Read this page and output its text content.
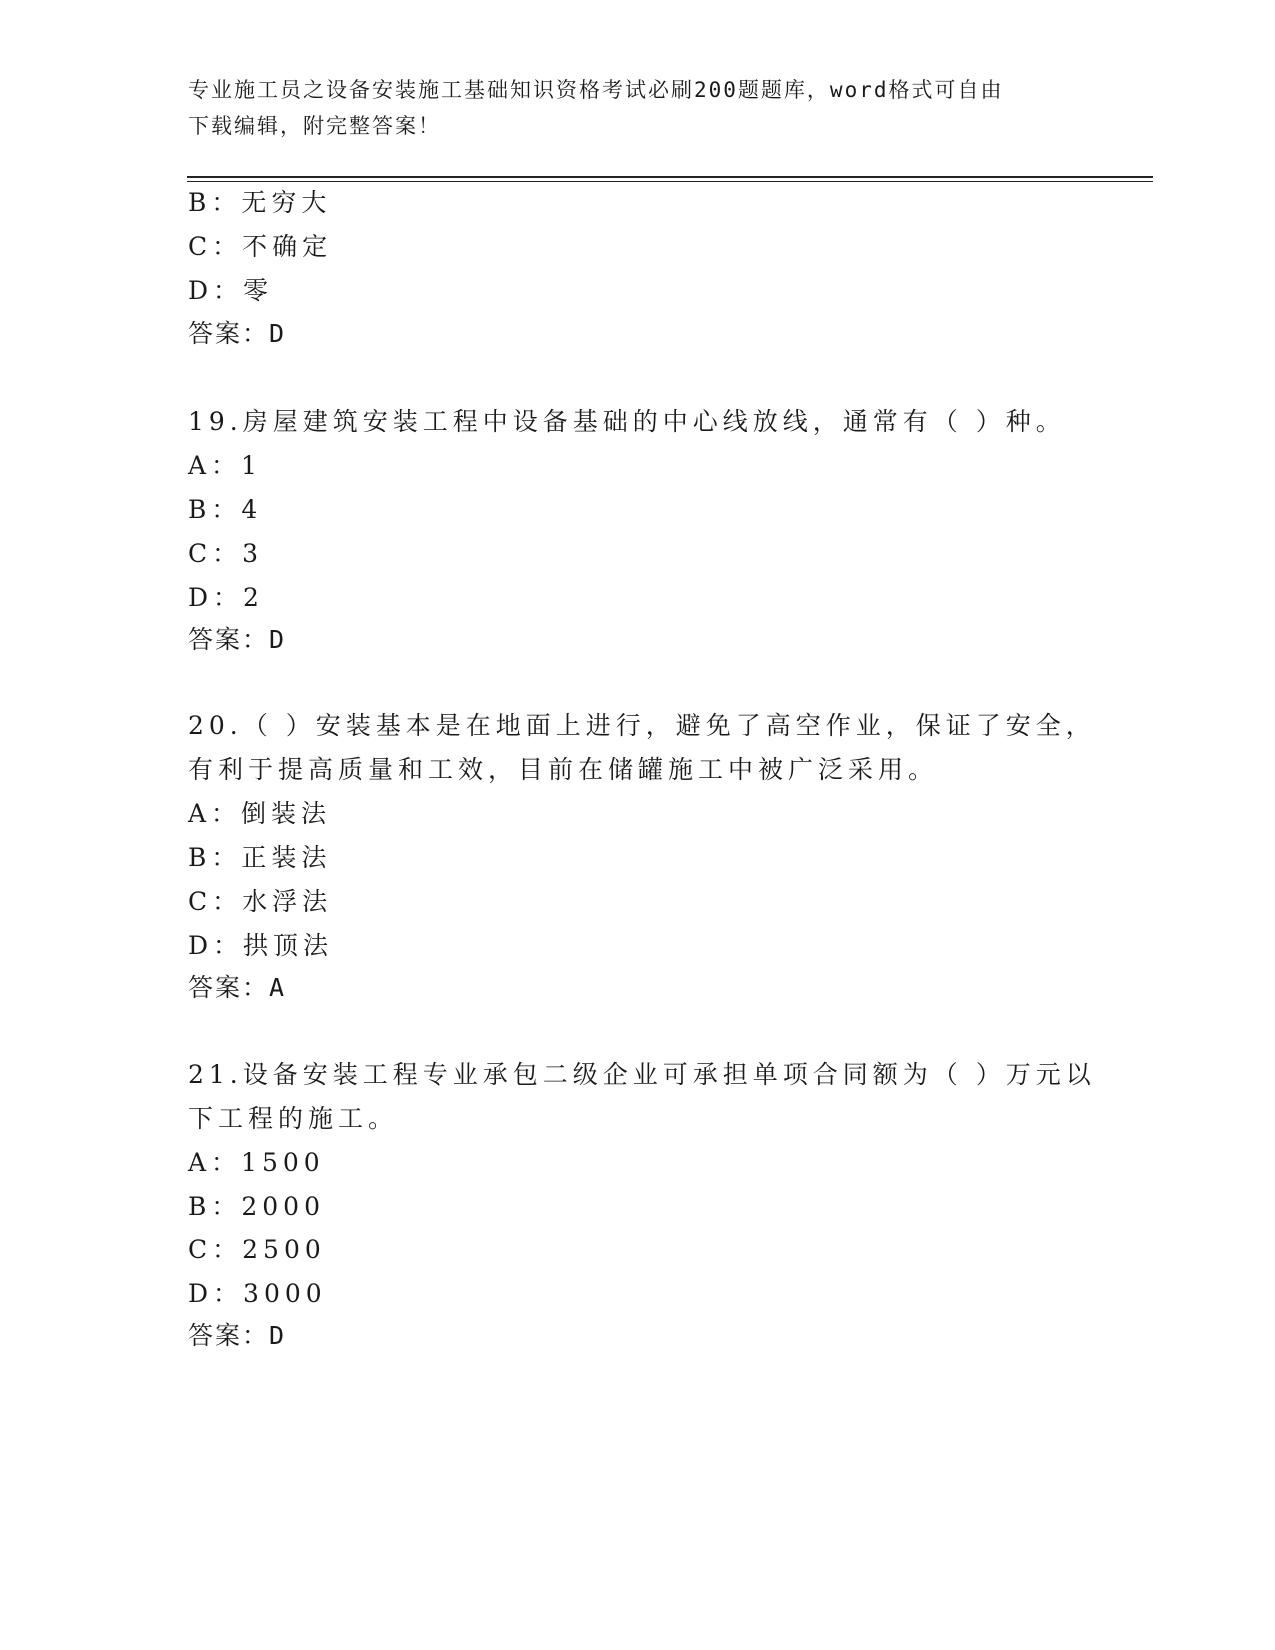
专业施工员之设备安装施工基础知识资格考试必刷200题题库，word格式可自由
下载编辑，附完整答案！
B：无穷大
C：不确定
D：零
答案：D
19.房屋建筑安装工程中设备基础的中心线放线，通常有（ ）种。
A：1
B：4
C：3
D：2
答案：D
20.（ ）安装基本是在地面上进行，避免了高空作业，保证了安全，
有利于提高质量和工效，目前在储罐施工中被广泛采用。
A：倒装法
B：正装法
C：水浮法
D：拱顶法
答案：A
21.设备安装工程专业承包二级企业可承担单项合同额为（ ）万元以
下工程的施工。
A：1500
B：2000
C：2500
D：3000
答案：D
